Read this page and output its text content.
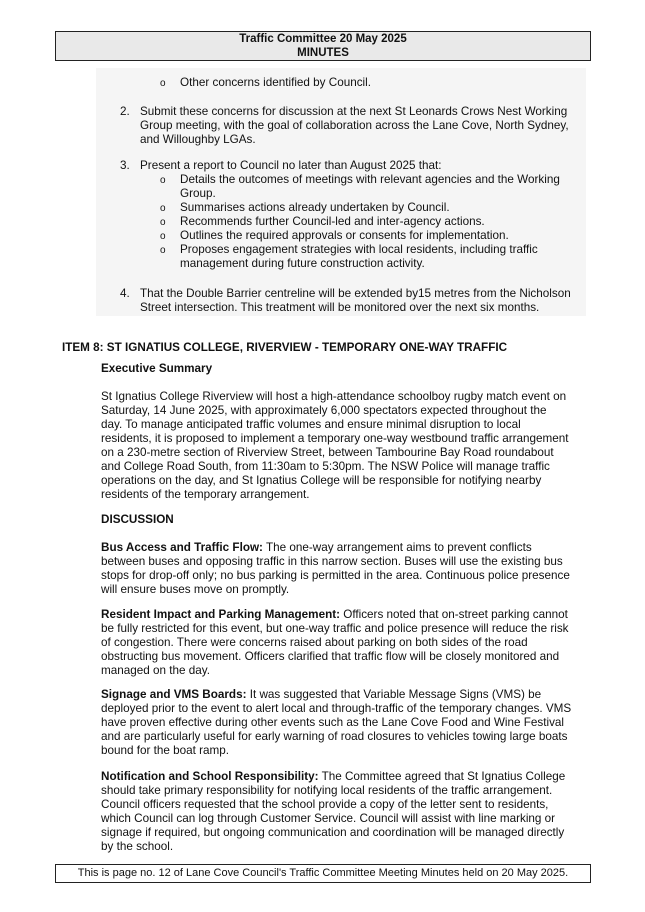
Traffic Committee 20 May 2025
MINUTES
o Other concerns identified by Council.
2. Submit these concerns for discussion at the next St Leonards Crows Nest Working
Group meeting, with the goal of collaboration across the Lane Cove, North Sydney,
and Willoughby LGAs.
3. Present a report to Council no later than August 2025 that:
o Details the outcomes of meetings with relevant agencies and the Working
Group.
o Summarises actions already undertaken by Council.
o Recommends further Council-led and inter-agency actions.
o Outlines the required approvals or consents for implementation.
o Proposes engagement strategies with local residents, including traffic
management during future construction activity.
4. That the Double Barrier centreline will be extended by15 metres from the Nicholson
Street intersection. This treatment will be monitored over the next six months.
ITEM 8: ST IGNATIUS COLLEGE, RIVERVIEW - TEMPORARY ONE-WAY TRAFFIC
Executive Summary
St Ignatius College Riverview will host a high-attendance schoolboy rugby match event on
Saturday, 14 June 2025, with approximately 6,000 spectators expected throughout the
day. To manage anticipated traffic volumes and ensure minimal disruption to local
residents, it is proposed to implement a temporary one-way westbound traffic arrangement
on a 230-metre section of Riverview Street, between Tambourine Bay Road roundabout
and College Road South, from 11:30am to 5:30pm. The NSW Police will manage traffic
operations on the day, and St Ignatius College will be responsible for notifying nearby
residents of the temporary arrangement.
DISCUSSION
Bus Access and Traffic Flow: The one-way arrangement aims to prevent conflicts
between buses and opposing traffic in this narrow section. Buses will use the existing bus
stops for drop-off only; no bus parking is permitted in the area. Continuous police presence
will ensure buses move on promptly.
Resident Impact and Parking Management: Officers noted that on-street parking cannot
be fully restricted for this event, but one-way traffic and police presence will reduce the risk
of congestion. There were concerns raised about parking on both sides of the road
obstructing bus movement. Officers clarified that traffic flow will be closely monitored and
managed on the day.
Signage and VMS Boards: It was suggested that Variable Message Signs (VMS) be
deployed prior to the event to alert local and through-traffic of the temporary changes. VMS
have proven effective during other events such as the Lane Cove Food and Wine Festival
and are particularly useful for early warning of road closures to vehicles towing large boats
bound for the boat ramp.
Notification and School Responsibility: The Committee agreed that St Ignatius College
should take primary responsibility for notifying local residents of the traffic arrangement.
Council officers requested that the school provide a copy of the letter sent to residents,
which Council can log through Customer Service. Council will assist with line marking or
signage if required, but ongoing communication and coordination will be managed directly
by the school.
This is page no. 12 of Lane Cove Council's Traffic Committee Meeting Minutes held on 20 May 2025.
